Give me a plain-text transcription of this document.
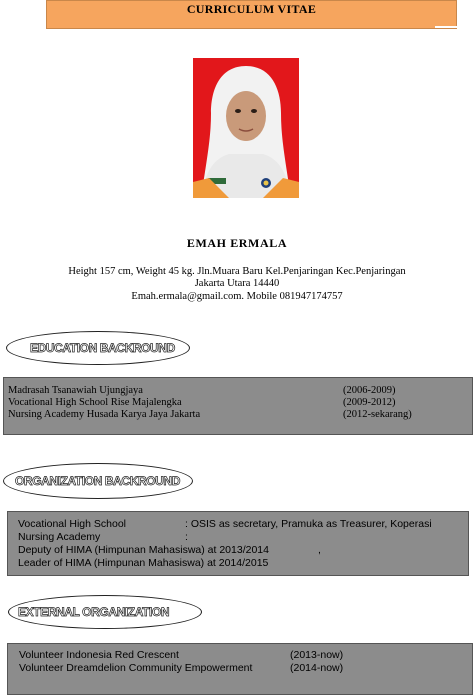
CURRICULUM VITAE
EMAH ERMALA
Height 157 cm, Weight 45 kg. Jln.Muara Baru Kel.Penjaringan Kec.Penjaringan
Jakarta Utara 14440
Emah.ermala@gmail.com. Mobile 081947174757
EDUCATION BACKROUND
Madrasah Tsanawiah Ujungjaya	(2006-2009)
Vocational High School Rise Majalengka	(2009-2012)
Nursing Academy Husada Karya Jaya Jakarta	(2012-sekarang)
ORGANIZATION BACKROUND
Vocational High School	: OSIS as secretary, Pramuka as Treasurer, Koperasi
Nursing Academy	:
Deputy of HIMA (Himpunan Mahasiswa) at 2013/2014	,
Leader of HIMA (Himpunan Mahasiswa) at 2014/2015
EXTERNAL ORGANIZATION
Volunteer Indonesia Red Crescent	(2013-now)
Volunteer Dreamdelion Community Empowerment	(2014-now)
